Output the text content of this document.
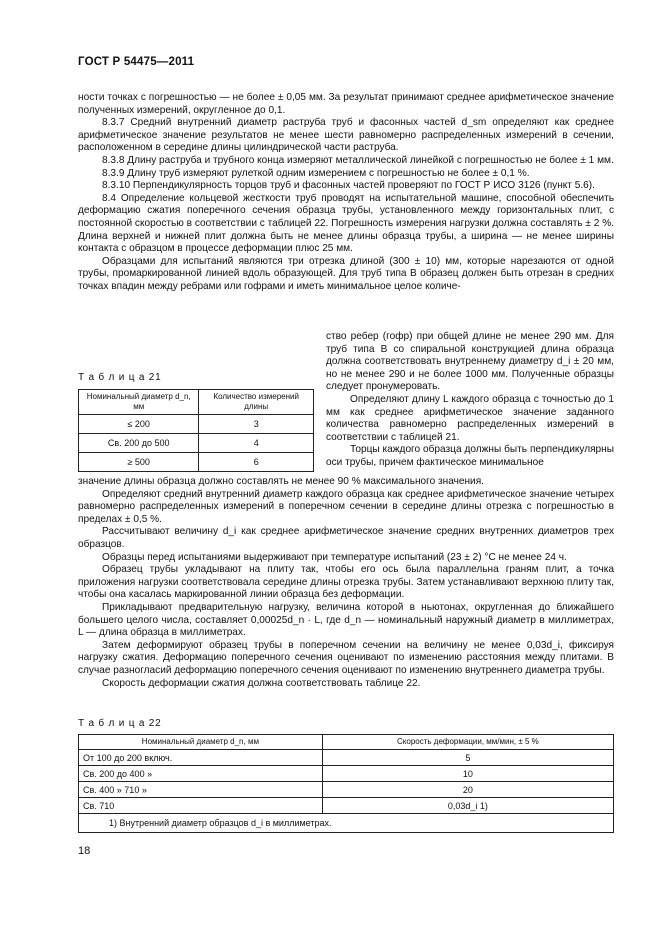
ГОСТ Р 54475—2011

ности точках с погрешностью — не более ± 0,05 мм. За результат принимают среднее арифметическое значение полученных измерений, округленное до 0,1.

8.3.7 Средний внутренний диаметр раструба труб и фасонных частей d_sm определяют как среднее арифметическое значение результатов не менее шести равномерно распределенных измерений в сечении, расположенном в середине длины цилиндрической части раструба.

8.3.8 Длину раструба и трубного конца измеряют металлической линейкой с погрешностью не более ± 1 мм.

8.3.9 Длину труб измеряют рулеткой одним измерением с погрешностью не более ± 0,1 %.

8.3.10 Перпендикулярность торцов труб и фасонных частей проверяют по ГОСТ Р ИСО 3126 (пункт 5.6).

8.4 Определение кольцевой жесткости труб проводят на испытательной машине, способной обеспечить деформацию сжатия поперечного сечения образца трубы, установленного между горизонтальных плит, с постоянной скоростью в соответствии с таблицей 22. Погрешность измерения нагрузки должна составлять ± 2 %. Длина верхней и нижней плит должна быть не менее длины образца трубы, а ширина — не менее ширины контакта с образцом в процессе деформации плюс 25 мм.

Образцами для испытаний являются три отрезка длиной (300 ± 10) мм, которые нарезаются от одной трубы, промаркированной линией вдоль образующей. Для труб типа В образец должен быть отрезан в средних точках впадин между ребрами или гофрами и иметь минимальное целое количе-

Т а б л и ц а 21
Номинальный диаметр d_n, мм	Количество измерений длины
≤ 200	3
Св. 200 до 500	4
≥ 500	6

ство ребер (гофр) при общей длине не менее 290 мм. Для труб типа В со спиральной конструкцией длина образца должна соответствовать внутреннему диаметру d_i ± 20 мм, но не менее 290 и не более 1000 мм. Полученные образцы следует пронумеровать.

Определяют длину L каждого образца с точностью до 1 мм как среднее арифметическое значение заданного количества равномерно распределенных измерений в соответствии с таблицей 21.

Торцы каждого образца должны быть перпендикулярны оси трубы, причем фактическое минимальное

значение длины образца должно составлять не менее 90 % максимального значения.

Определяют средний внутренний диаметр каждого образца как среднее арифметическое значение четырех равномерно распределенных измерений в поперечном сечении в середине длины отрезка с погрешностью в пределах ± 0,5 %.

Рассчитывают величину d_i как среднее арифметическое значение средних внутренних диаметров трех образцов.

Образцы перед испытаниями выдерживают при температуре испытаний (23 ± 2) °С не менее 24 ч.

Образец трубы укладывают на плиту так, чтобы его ось была параллельна граням плит, а точка приложения нагрузки соответствовала середине длины отрезка трубы. Затем устанавливают верхнюю плиту так, чтобы она касалась маркированной линии образца без деформации.

Прикладывают предварительную нагрузку, величина которой в ньютонах, округленная до ближайшего большего целого числа, составляет 0,00025d_n · L, где d_n — номинальный наружный диаметр в миллиметрах, L — длина образца в миллиметрах.

Затем деформируют образец трубы в поперечном сечении на величину не менее 0,03d_i, фиксируя нагрузку сжатия. Деформацию поперечного сечения оценивают по изменению расстояния между плитами. В случае разногласий деформацию поперечного сечения оценивают по изменению внутреннего диаметра трубы.

Скорость деформации сжатия должна соответствовать таблице 22.

Т а б л и ц а 22
Номинальный диаметр d_n, мм	Скорость деформации, мм/мин, ± 5 %
От 100 до 200 включ.	5
Св. 200 до 400 »	10
Св. 400 » 710 »	20
Св. 710	0,03d_i 1)
1) Внутренний диаметр образцов d_i в миллиметрах.	
18
